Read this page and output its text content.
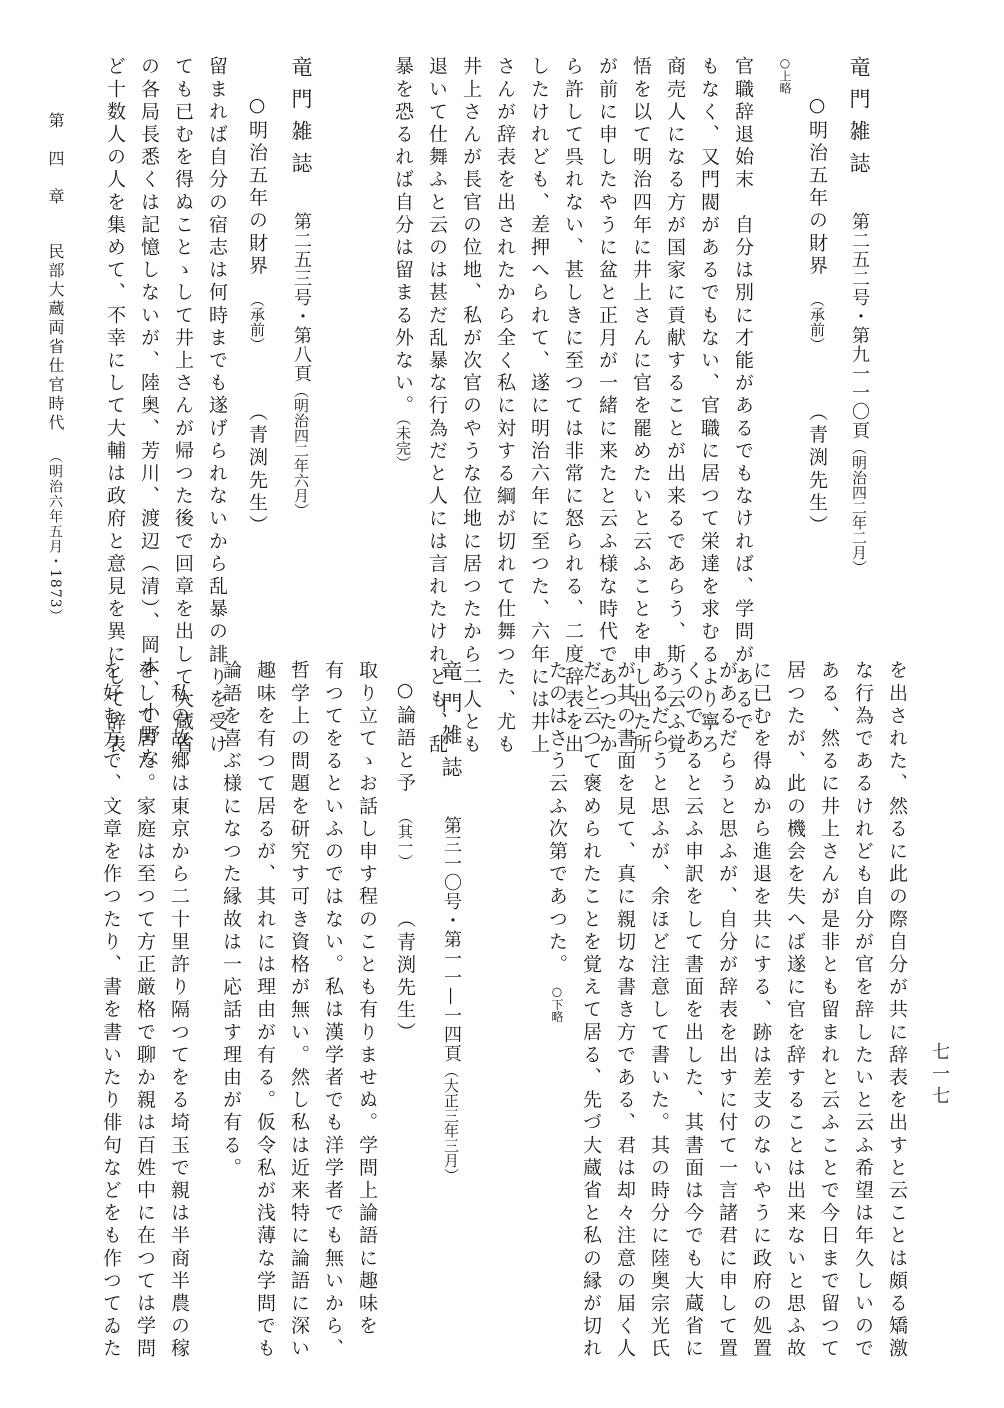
竜門雑誌第二五二号・第九一一〇頁（明治四二年二月）
○明治五年の財界（承前）（青渕先生）
○上略
官職辞退始末　自分は別に才能があるでもなければ、学問があるで
もなく、又門閥があるでもない、官職に居つて栄達を求むるより寧ろ
商売人になる方が国家に貢献することが出来るであらう、斯う云ふ覚
悟を以て明治四年に井上さんに官を罷めたいと云ふことを申し出た所
が前に申したやうに盆と正月が一緒に来たと云ふ様な時代であつたか
ら許して呉れない、甚しきに至つては非常に怒られる、二度辞表を出
したけれども、差押へられて、遂に明治六年に至つた、六年には井上
さんが辞表を出されたから全く私に対する綱が切れて仕舞つた、尤も
井上さんが長官の位地、私が次官のやうな位地に居つたから二人とも
退いて仕舞ふと云のは甚だ乱暴な行為だと人には言れたけれども、乱
暴を恐るれば自分は留まる外ない。（未完）
竜門雑誌第二五三号・第八頁（明治四二年六月）
○明治五年の財界（承前）（青渕先生）
留まれば自分の宿志は何時までも遂げられないから乱暴の誹りを受け
ても已むを得ぬことゝして井上さんが帰つた後で回章を出して大蔵省
の各局長悉くは記憶しないが、陸奥、芳川、渡辺（清）、岡本、小野な
ど十数人の人を集めて、不幸にして大輔は政府と意見を異にして辞表
第　四　章民部大蔵両省仕官時代（明治六年五月・1873）
を出された、然るに此の際自分が共に辞表を出すと云ことは頗る矯激
な行為であるけれども自分が官を辞したいと云ふ希望は年久しいので
ある、然るに井上さんが是非とも留まれと云ふことで今日まで留つて
居つたが、此の機会を失へば遂に官を辞することは出来ないと思ふ故
に已むを得ぬから進退を共にする、跡は差支のないやうに政府の処置
があるだらうと思ふが、自分が辞表を出すに付て一言諸君に申して置
くのであると云ふ申訳をして書面を出した、其書面は今でも大蔵省に
あるだらうと思ふが、余ほど注意して書いた。其の時分に陸奥宗光氏
が其の書面を見て、真に親切な書き方である、君は却々注意の届く人
だと云つて褒められたことを覚えて居る、先づ大蔵省と私の縁が切れ
たのはさう云ふ次第であつた。○下略
竜門雑誌第三一〇号・第一一—一四頁（大正三年三月）
○論語と予（其一）（青渕先生）
取り立てゝお話し申す程のことも有りませぬ。学問上論語に趣味を
有つてをるといふのではない。私は漢学者でも洋学者でも無いから、
哲学上の問題を研究す可き資格が無い。然し私は近来特に論語に深い
趣味を有つて居るが、其れには理由が有る。仮令私が浅薄な学問でも
論語を喜ぶ様になつた縁故は一応話す理由が有る。
　私の故郷は東京から二十里許り隔つてをる埼玉で親は半商半農の稼
をして居た。家庭は至つて方正厳格で聊か親は百姓中に在つては学問
を好む方で、文章を作つたり、書を書いたり俳句などをも作つてゐた	七一七
